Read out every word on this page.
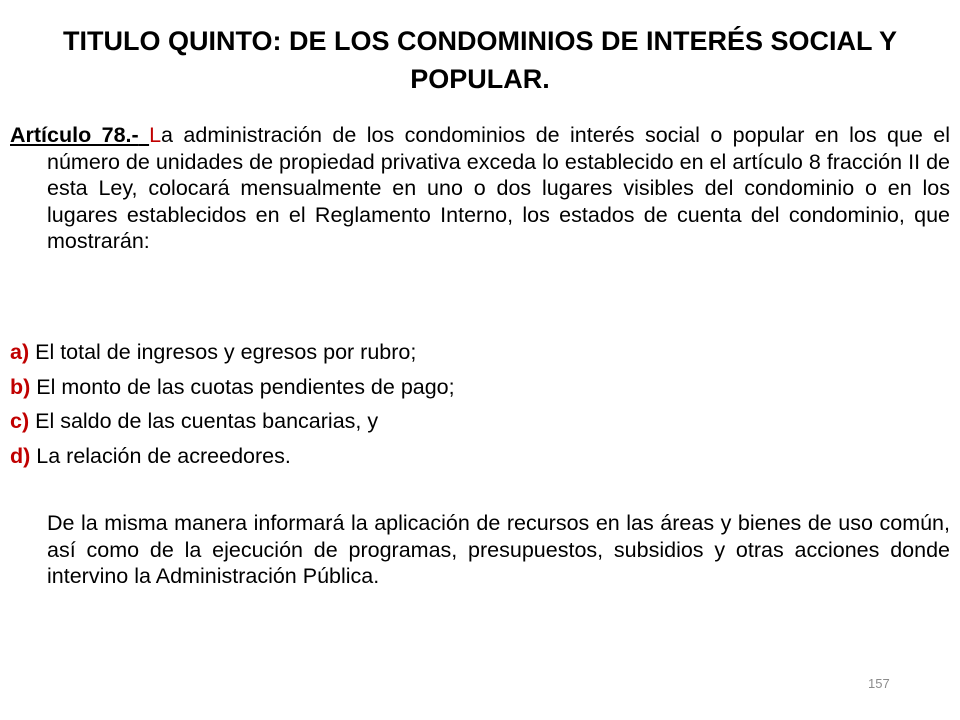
TITULO QUINTO: DE LOS CONDOMINIOS DE INTERÉS SOCIAL Y POPULAR.

Artículo 78.- La administración de los condominios de interés social o popular en los que el número de unidades de propiedad privativa exceda lo establecido en el artículo 8 fracción II de esta Ley, colocará mensualmente en uno o dos lugares visibles del condominio o en los lugares establecidos en el Reglamento Interno, los estados de cuenta del condominio, que mostrarán:

a) El total de ingresos y egresos por rubro;

b) El monto de las cuotas pendientes de pago;

c) El saldo de las cuentas bancarias, y

d) La relación de acreedores.

De la misma manera informará la aplicación de recursos en las áreas y bienes de uso común, así como de la ejecución de programas, presupuestos, subsidios y otras acciones donde intervino la Administración Pública.

157
